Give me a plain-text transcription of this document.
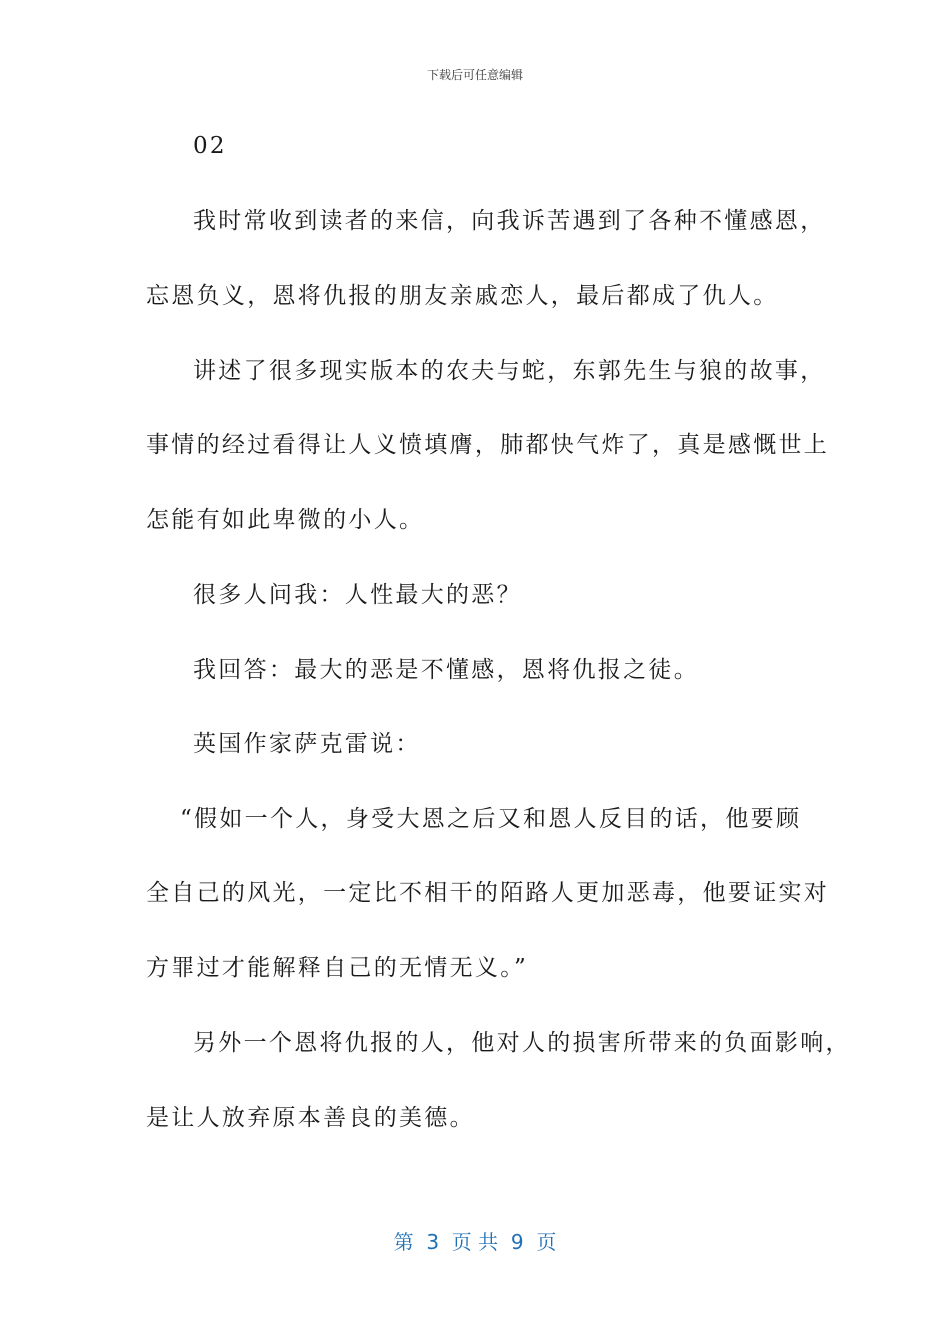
下载后可任意编辑
02
我时常收到读者的来信，向我诉苦遇到了各种不懂感恩，
忘恩负义，恩将仇报的朋友亲戚恋人，最后都成了仇人。
讲述了很多现实版本的农夫与蛇，东郭先生与狼的故事，
事情的经过看得让人义愤填膺，肺都快气炸了，真是感慨世上
怎能有如此卑微的小人。
很多人问我：人性最大的恶？
我回答：最大的恶是不懂感，恩将仇报之徒。
英国作家萨克雷说：
“假如一个人，身受大恩之后又和恩人反目的话，他要顾
全自己的风光，一定比不相干的陌路人更加恶毒，他要证实对
方罪过才能解释自己的无情无义。”
另外一个恩将仇报的人，他对人的损害所带来的负面影响，
是让人放弃原本善良的美德。
第  3  页 共  9  页
